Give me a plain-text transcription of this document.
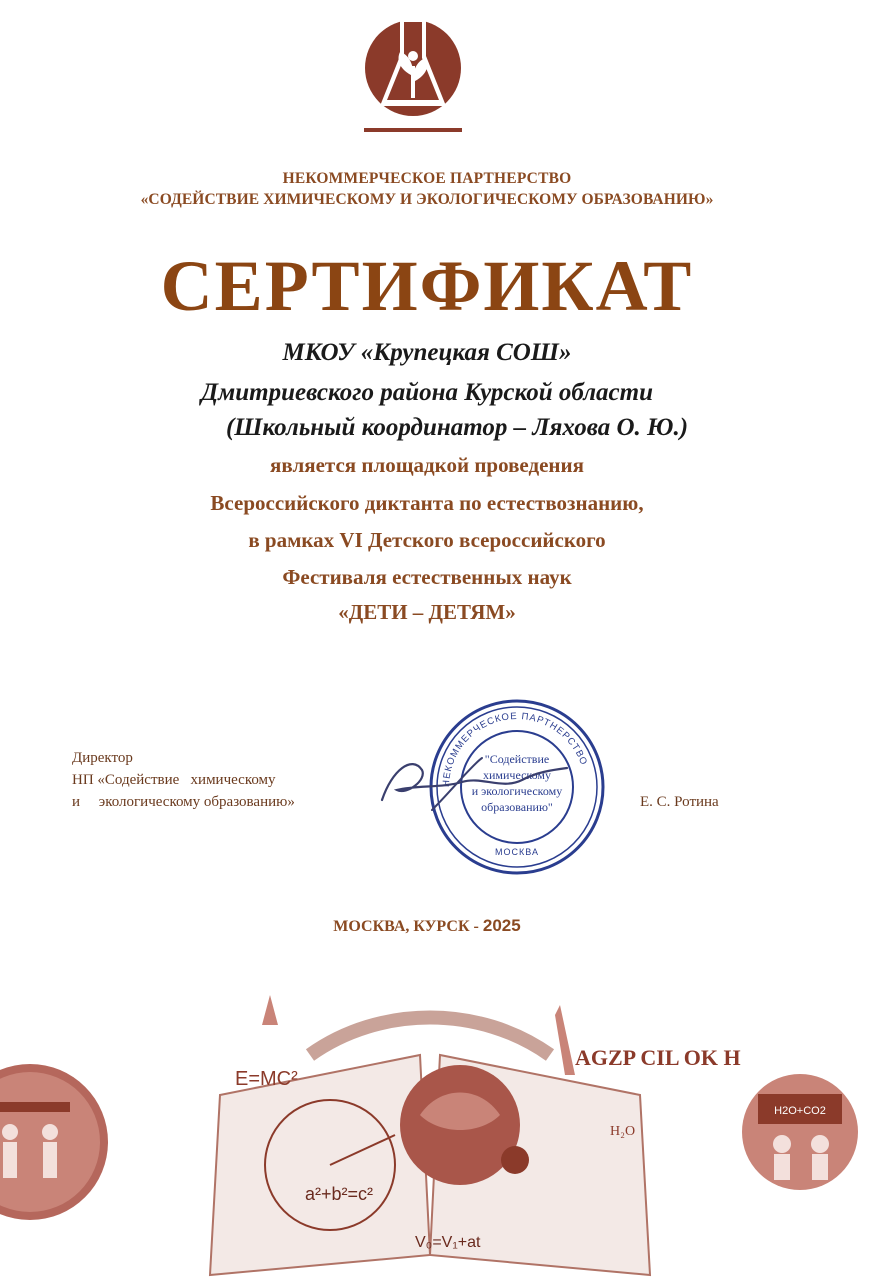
НЕКОММЕРЧЕСКОЕ ПАРТНЕРСТВО
«СОДЕЙСТВИЕ ХИМИЧЕСКОМУ И ЭКОЛОГИЧЕСКОМУ ОБРАЗОВАНИЮ»
СЕРТИФИКАТ
МКОУ «Крупецкая СОШ»
Дмитриевского района Курской области
(Школьный координатор – Ляхова О. Ю.)
является площадкой проведения
Всероссийского диктанта по естествознанию,
в рамках VI Детского всероссийского
Фестиваля естественных наук
«ДЕТИ – ДЕТЯМ»
Директор
НП «Содействие   химическому
и     экологическому образованию»
НЕКОММЕРЧЕСКОЕ ПАРТНЕРСТВО
"Содействие
химическому
и экологическому
образованию"
МОСКВА
Е. С. Ротина
МОСКВА, КУРСК - 2025
E=MC²
a²+b²=c²
V₀=V₁+at
AGZP CIL OK H
H₂O
H2O+CO2
